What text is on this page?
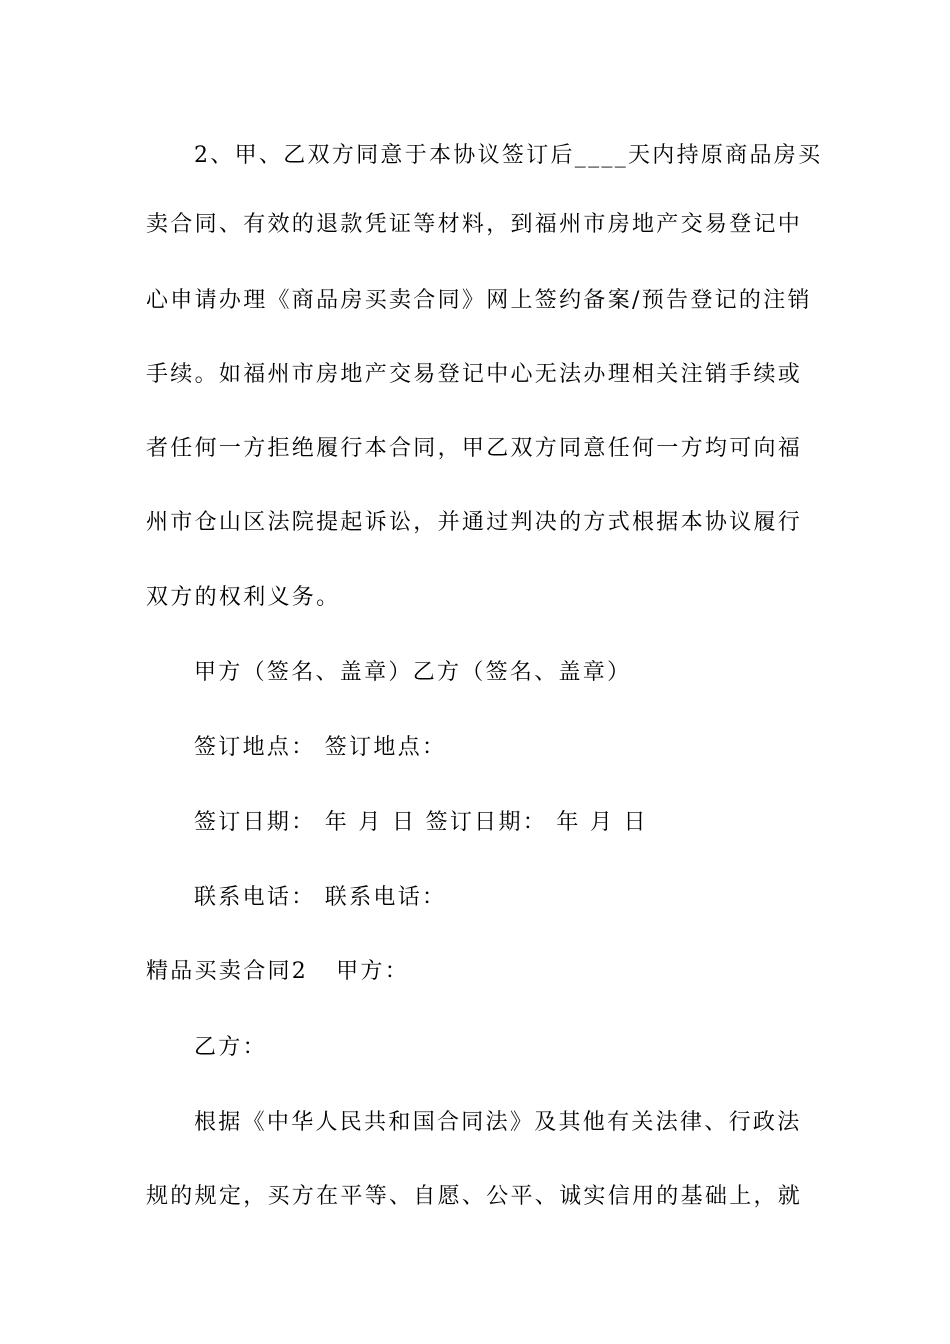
2、甲、乙双方同意于本协议签订后____天内持原商品房买
卖合同、有效的退款凭证等材料，到福州市房地产交易登记中
心申请办理《商品房买卖合同》网上签约备案/预告登记的注销
手续。如福州市房地产交易登记中心无法办理相关注销手续或
者任何一方拒绝履行本合同，甲乙双方同意任何一方均可向福
州市仓山区法院提起诉讼，并通过判决的方式根据本协议履行
双方的权利义务。
甲方（签名、盖章）乙方（签名、盖章）
签订地点： 签订地点：
签订日期： 年 月 日 签订日期： 年 月 日
联系电话： 联系电话：
精品买卖合同2 甲方：
乙方：
根据《中华人民共和国合同法》及其他有关法律、行政法
规的规定，买方在平等、自愿、公平、诚实信用的基础上，就
